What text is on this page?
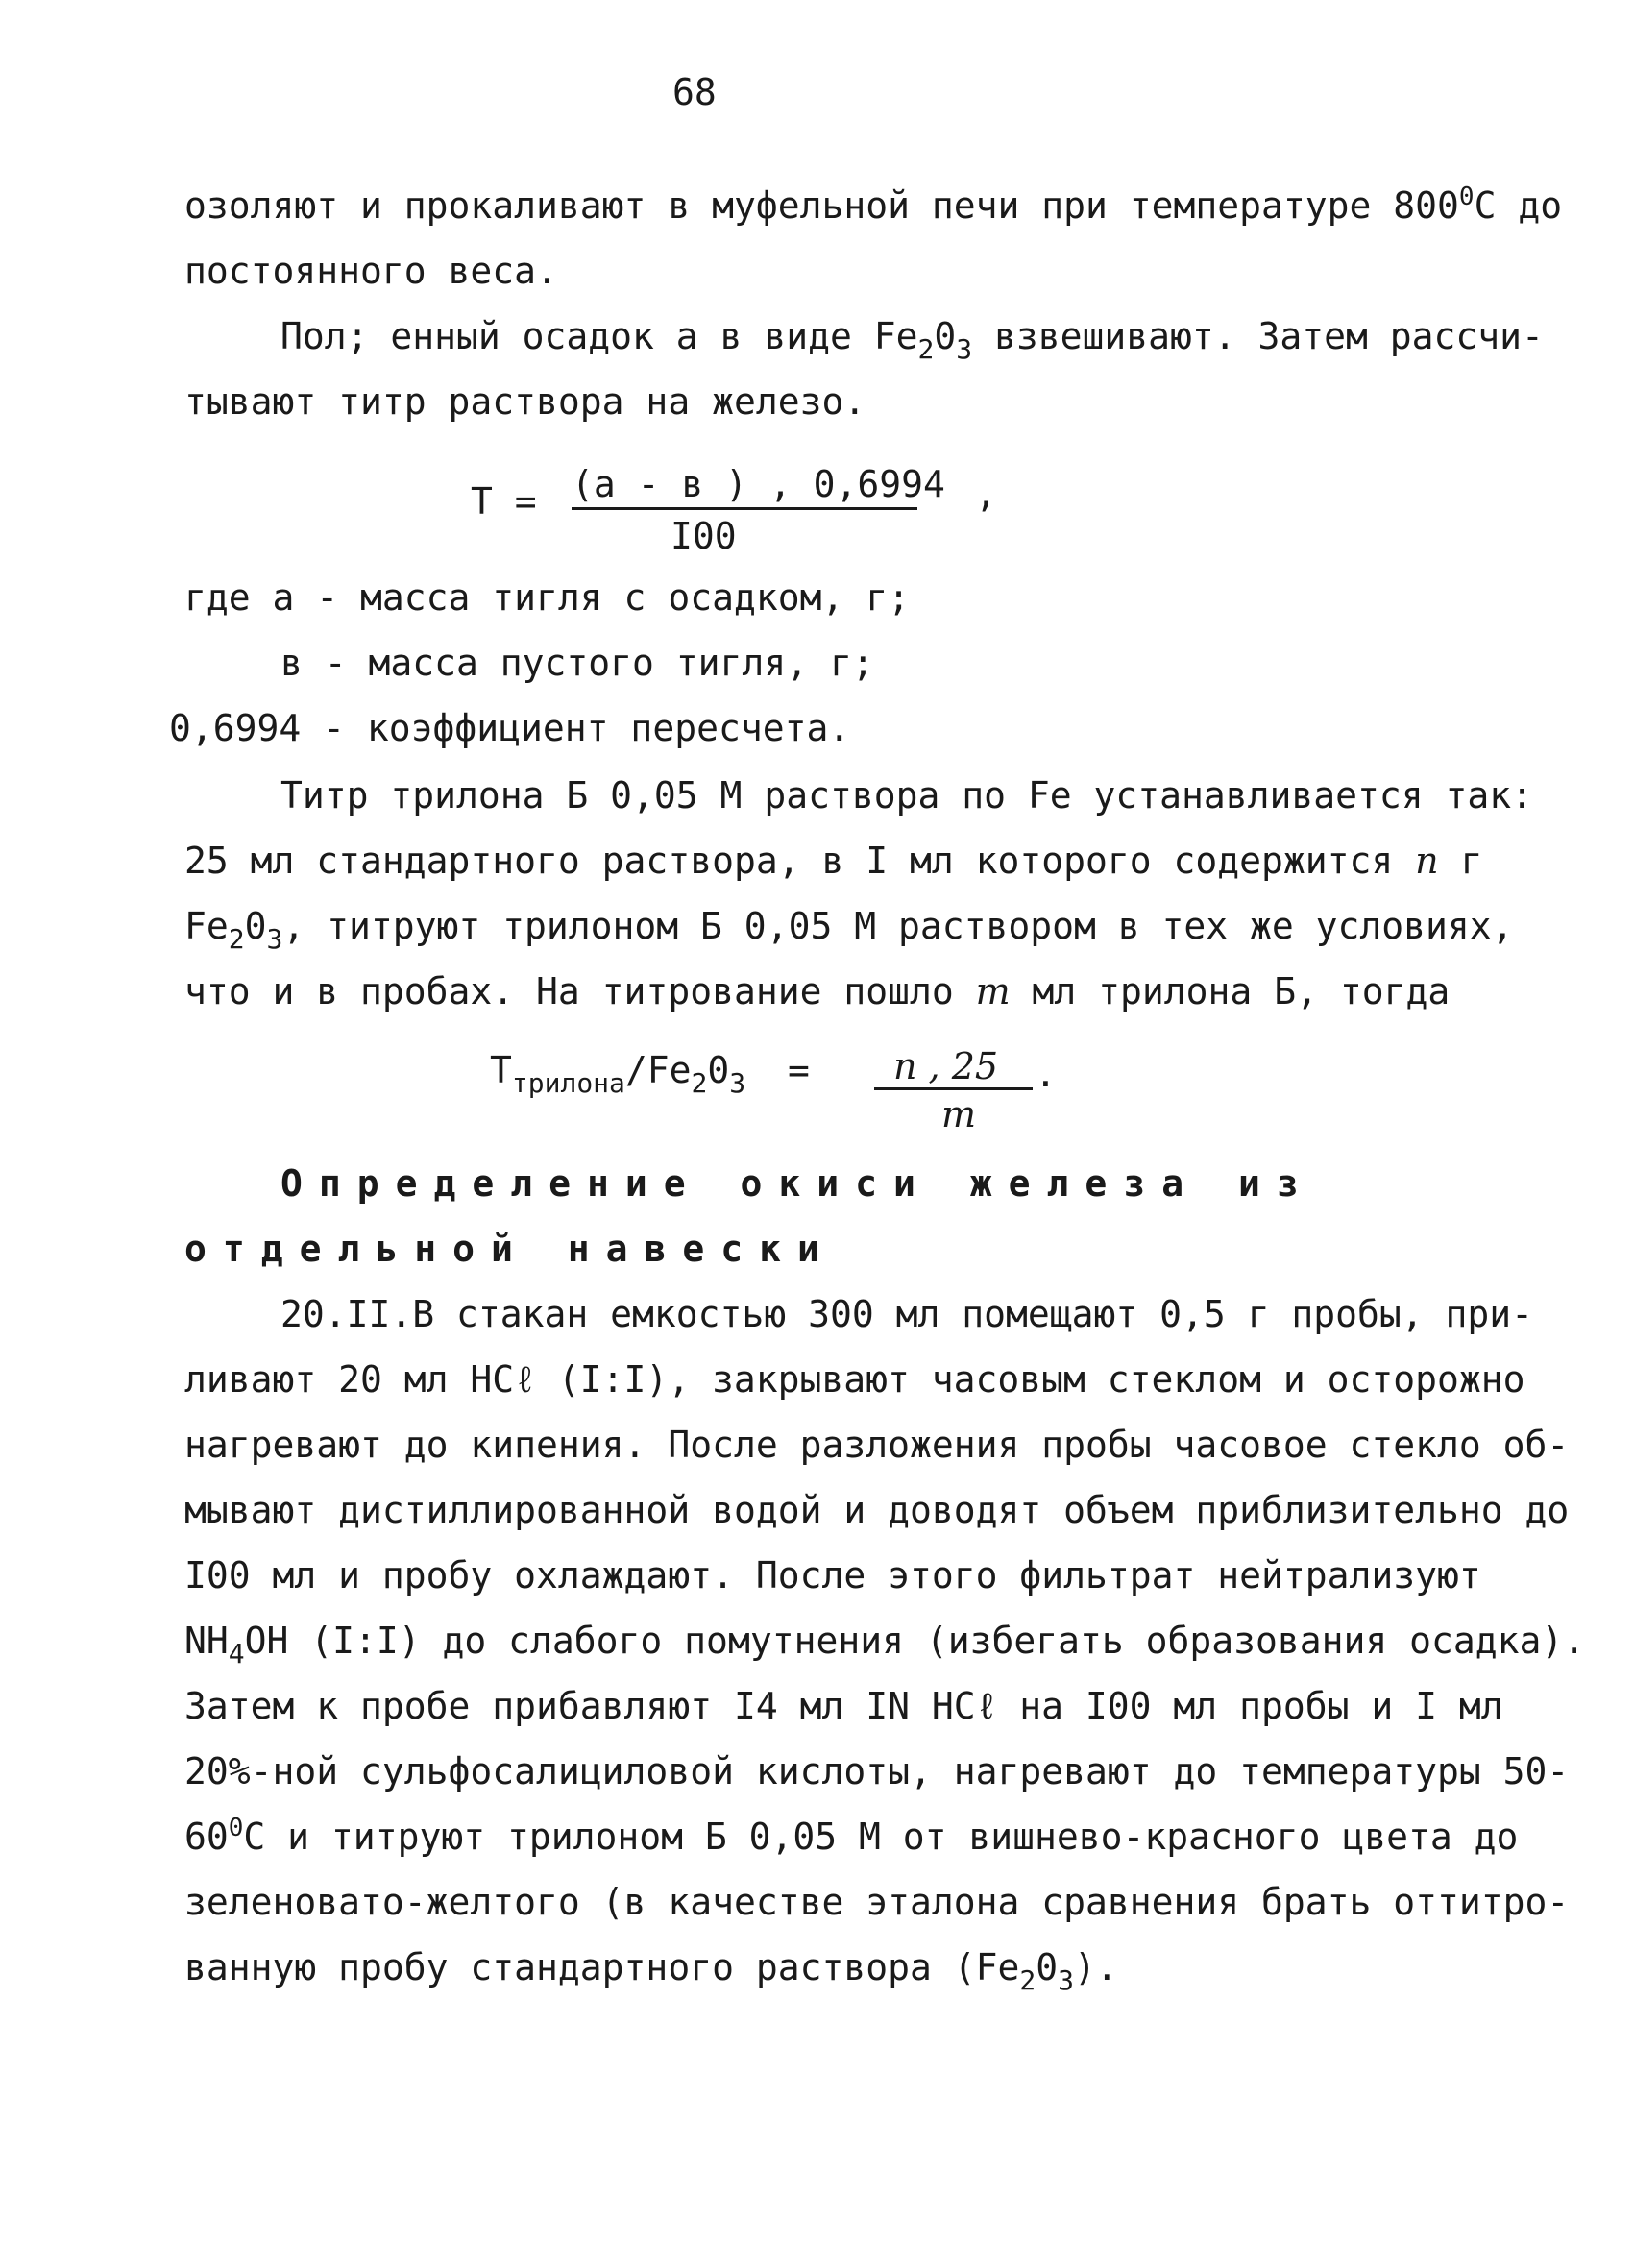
68
озоляют и прокаливают в муфельной печи при температуре $800^0С$ до
постоянного веса.
Пол; енный осадок а в виде $Fe_20_3$ взвешивают. Затем рассчи-
тывают титр раствора на железо.
Т = (а - в ) , 0,6994
I00
,
где а - масса тигля с осадком, г;
в - масса пустого тигля, г;
0,6994 - коэффициент пересчета.
Титр трилона Б 0,05 М раствора по Fe устанавливается так:
25 мл стандартного раствора, в I мл которого содержится n г
$Fe_20_3$, титруют трилоном Б 0,05 М раствором в тех же условиях,
что и в пробах. На титрование пошло m мл трилона Б, тогда
$Т_{трилона}/Fe_20_3 = n$ , 25
m
.
Определение окиси железа из
отдельной навески
20.II.В стакан емкостью 300 мл помещают 0,5 г пробы, при-
ливают 20 мл HCℓ (I:I), закрывают часовым стеклом и осторожно
нагревают до кипения. После разложения пробы часовое стекло об-
мывают дистиллированной водой и доводят объем приблизительно до
I00 мл и пробу охлаждают. После этого фильтрат нейтрализуют
$NH_4OH$ (I:I) до слабого помутнения (избегать образования осадка).
Затем к пробе прибавляют I4 мл IN HCℓ на I00 мл пробы и I мл
20%-ной сульфосалициловой кислоты, нагревают до температуры 50-
$60^0С$ и титруют трилоном Б 0,05 М от вишнево-красного цвета до
зеленовато-желтого (в качестве эталона сравнения брать оттитро-
ванную пробу стандартного раствора $(Fe_20_3)$.
